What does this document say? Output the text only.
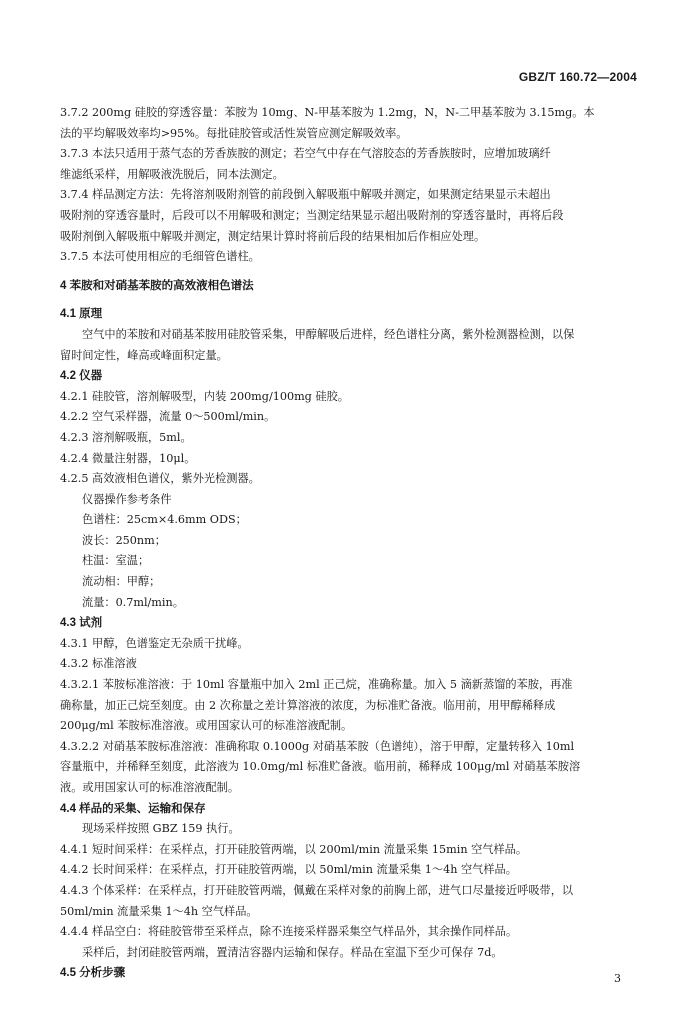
GBZ/T 160.72—2004
3.7.2 200mg 硅胶的穿透容量：苯胺为 10mg、N-甲基苯胺为 1.2mg，N，N-二甲基苯胺为 3.15mg。本
法的平均解吸效率均>95%。每批硅胶管或活性炭管应测定解吸效率。
3.7.3 本法只适用于蒸气态的芳香族胺的测定；若空气中存在气溶胶态的芳香族胺时，应增加玻璃纤
维滤纸采样，用解吸液洗脱后，同本法测定。
3.7.4 样品测定方法：先将溶剂吸附剂管的前段倒入解吸瓶中解吸并测定，如果测定结果显示未超出
吸附剂的穿透容量时，后段可以不用解吸和测定；当测定结果显示超出吸附剂的穿透容量时，再将后段
吸附剂倒入解吸瓶中解吸并测定，测定结果计算时将前后段的结果相加后作相应处理。
3.7.5 本法可使用相应的毛细管色谱柱。
4 苯胺和对硝基苯胺的高效液相色谱法
4.1 原理
空气中的苯胺和对硝基苯胺用硅胶管采集，甲醇解吸后进样，经色谱柱分离，紫外检测器检测，以保
留时间定性，峰高或峰面积定量。
4.2 仪器
4.2.1 硅胶管，溶剂解吸型，内装 200mg/100mg 硅胶。
4.2.2 空气采样器，流量 0～500ml/min。
4.2.3 溶剂解吸瓶，5ml。
4.2.4 微量注射器，10μl。
4.2.5 高效液相色谱仪，紫外光检测器。
仪器操作参考条件
色谱柱：25cm×4.6mm ODS；
波长：250nm；
柱温：室温；
流动相：甲醇；
流量：0.7ml/min。
4.3 试剂
4.3.1 甲醇，色谱鉴定无杂质干扰峰。
4.3.2 标准溶液
4.3.2.1 苯胺标准溶液：于 10ml 容量瓶中加入 2ml 正己烷，准确称量。加入 5 滴新蒸馏的苯胺，再准
确称量，加正己烷至刻度。由 2 次称量之差计算溶液的浓度，为标准贮备液。临用前，用甲醇稀释成
200μg/ml 苯胺标准溶液。或用国家认可的标准溶液配制。
4.3.2.2 对硝基苯胺标准溶液：准确称取 0.1000g 对硝基苯胺（色谱纯），溶于甲醇，定量转移入 10ml
容量瓶中，并稀释至刻度，此溶液为 10.0mg/ml 标准贮备液。临用前，稀释成 100μg/ml 对硝基苯胺溶
液。或用国家认可的标准溶液配制。
4.4 样品的采集、运输和保存
现场采样按照 GBZ 159 执行。
4.4.1 短时间采样：在采样点，打开硅胶管两端，以 200ml/min 流量采集 15min 空气样品。
4.4.2 长时间采样：在采样点，打开硅胶管两端，以 50ml/min 流量采集 1～4h 空气样品。
4.4.3 个体采样：在采样点，打开硅胶管两端，佩戴在采样对象的前胸上部，进气口尽量接近呼吸带，以
50ml/min 流量采集 1～4h 空气样品。
4.4.4 样品空白：将硅胶管带至采样点，除不连接采样器采集空气样品外，其余操作同样品。
采样后，封闭硅胶管两端，置清洁容器内运输和保存。样品在室温下至少可保存 7d。
4.5 分析步骤	3
